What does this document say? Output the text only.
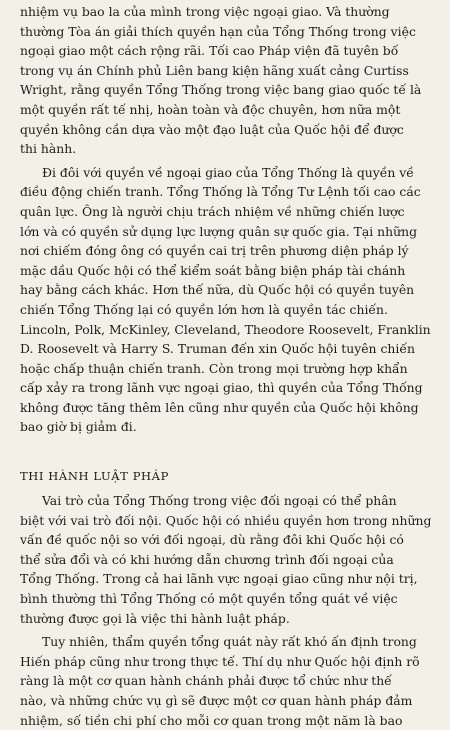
nhiệm vụ bao la của mình trong việc ngoại giao. Và thường
thường Tòa án giải thích quyền hạn của Tổng Thống trong việc
ngoại giao một cách rộng rãi. Tối cao Pháp viện đã tuyên bố
trong vụ án Chính phủ Liên bang kiện hãng xuất cảng Curtiss
Wright, rằng quyền Tổng Thống trong việc bang giao quốc tế là
một quyền rất tế nhị, hoàn toàn và độc chuyên, hơn nữa một
quyền không cần dựa vào một đạo luật của Quốc hội để được
thi hành.

Đi đôi với quyền về ngoại giao của Tổng Thống là quyền về
điều động chiến tranh. Tổng Thống là Tổng Tư Lệnh tối cao các
quân lực. Ông là người chịu trách nhiệm về những chiến lược
lớn và có quyền sử dụng lực lượng quân sự quốc gia. Tại những
nơi chiếm đóng ông có quyền cai trị trên phương diện pháp lý
mặc dầu Quốc hội có thể kiểm soát bằng biện pháp tài chánh
hay bằng cách khác. Hơn thế nữa, dù Quốc hội có quyền tuyên
chiến Tổng Thống lại có quyền lớn hơn là quyền tác chiến.
Lincoln, Polk, McKinley, Cleveland, Theodore Roosevelt, Franklin
D. Roosevelt và Harry S. Truman đến xin Quốc hội tuyên chiến
hoặc chấp thuận chiến tranh. Còn trong mọi trường hợp khẩn
cấp xảy ra trong lãnh vực ngoại giao, thì quyền của Tổng Thống
không được tăng thêm lên cũng như quyền của Quốc hội không
bao giờ bị giảm đi.

THI HÀNH LUẬT PHÁP

Vai trò của Tổng Thống trong việc đối ngoại có thể phân
biệt với vai trò đối nội. Quốc hội có nhiều quyền hơn trong những
vấn đề quốc nội so với đối ngoại, dù rằng đôi khi Quốc hội có
thể sửa đổi và có khi hướng dẫn chương trình đối ngoại của
Tổng Thống. Trong cả hai lãnh vực ngoại giao cũng như nội trị,
bình thường thì Tổng Thống có một quyền tổng quát về việc
thường được gọi là việc thi hành luật pháp.

Tuy nhiên, thẩm quyền tổng quát này rất khó ấn định trong
Hiến pháp cũng như trong thực tế. Thí dụ như Quốc hội định rõ
ràng là một cơ quan hành chánh phải được tổ chức như thế
nào, và những chức vụ gì sẽ được một cơ quan hành pháp đảm
nhiệm, số tiền chi phí cho mỗi cơ quan trong một năm là bao
